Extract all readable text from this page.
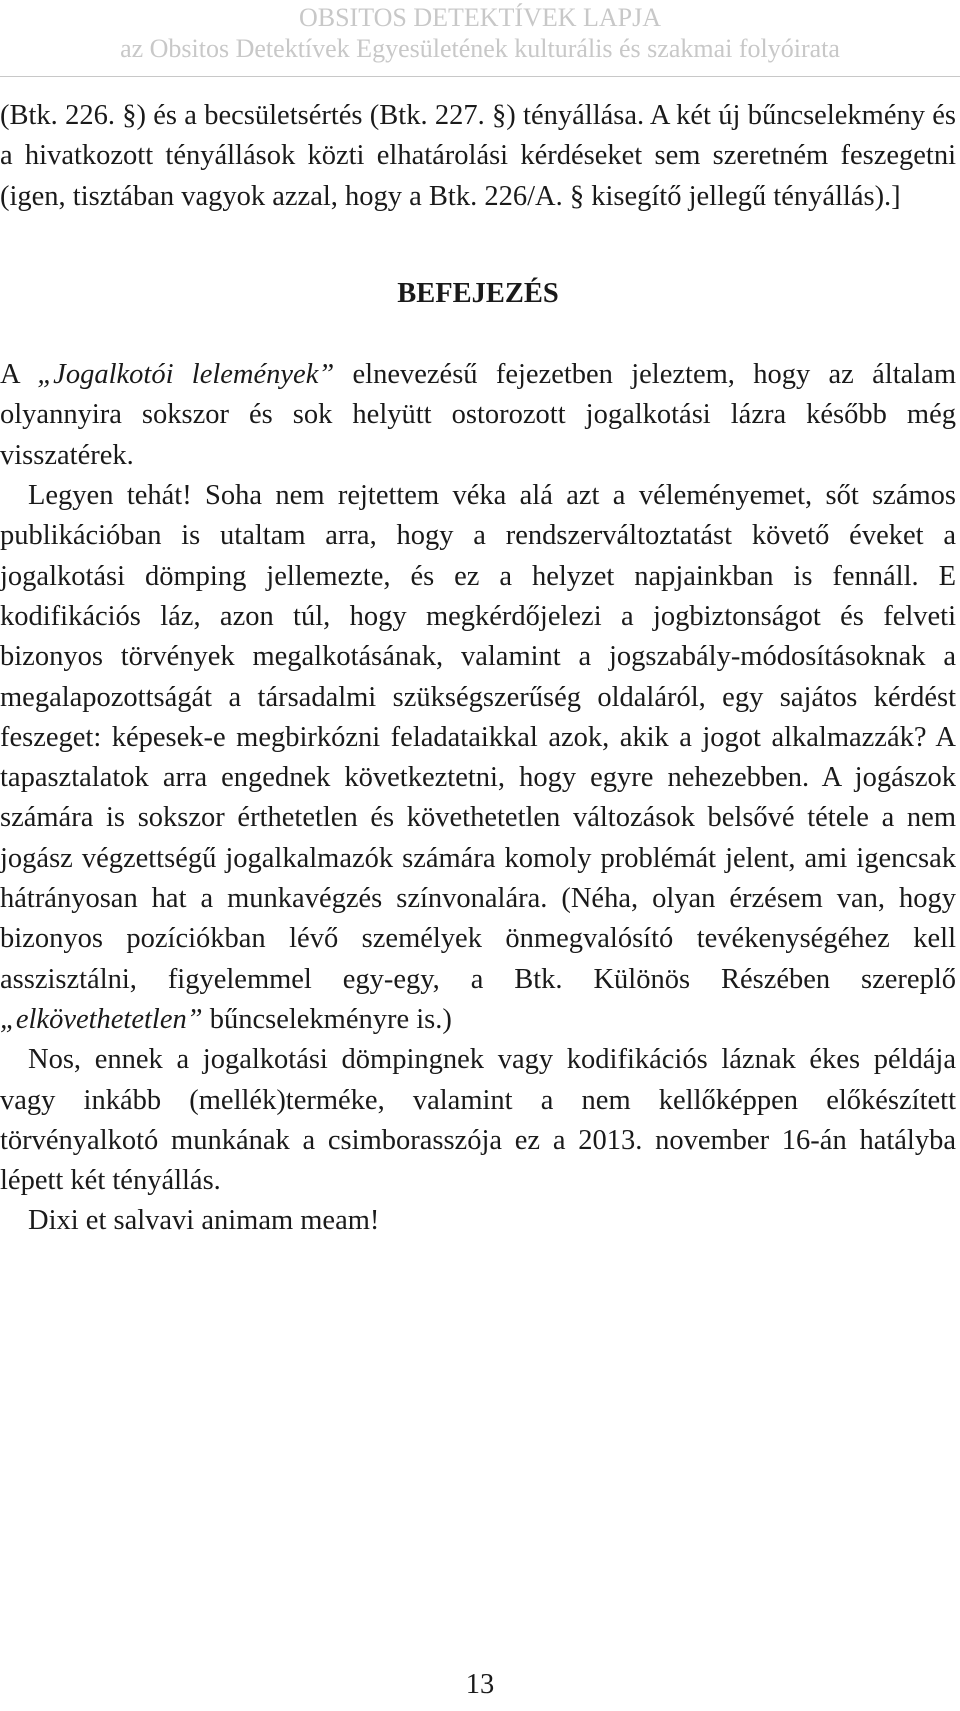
OBSITOS DETEKTÍVEK LAPJA
az Obsitos Detektívek Egyesületének kulturális és szakmai folyóirata

(Btk. 226. §) és a becsületsértés (Btk. 227. §) tényállása. A két új bűncselekmény és a hivatkozott tényállások közti elhatárolási kérdéseket sem szeretném feszegetni (igen, tisztában vagyok azzal, hogy a Btk. 226/A. § kisegítő jellegű tényállás).]

BEFEJEZÉS

A „Jogalkotói lelemények” elnevezésű fejezetben jeleztem, hogy az általam olyannyira sokszor és sok helyütt ostorozott jogalkotási lázra később még visszatérek.

Legyen tehát! Soha nem rejtettem véka alá azt a véleményemet, sőt számos publikációban is utaltam arra, hogy a rendszerváltoztatást követő éveket a jogalkotási dömping jellemezte, és ez a helyzet napjainkban is fennáll. E kodifikációs láz, azon túl, hogy megkérdőjelezi a jogbiztonságot és felveti bizonyos törvények megalkotásának, valamint a jogszabály-módosításoknak a megalapozottságát a társadalmi szükségszerűség oldaláról, egy sajátos kérdést feszeget: képesek-e megbirkózni feladataikkal azok, akik a jogot alkalmazzák? A tapasztalatok arra engednek következtetni, hogy egyre nehezebben. A jogászok számára is sokszor érthetetlen és követhetetlen változások belsővé tétele a nem jogász végzettségű jogalkalmazók számára komoly problémát jelent, ami igencsak hátrányosan hat a munkavégzés színvonalára. (Néha, olyan érzésem van, hogy bizonyos pozíciókban lévő személyek önmegvalósító tevékenységéhez kell asszisztálni, figyelemmel egy-egy, a Btk. Különös Részében szereplő „elkövethetetlen” bűncselekményre is.)

Nos, ennek a jogalkotási dömpingnek vagy kodifikációs láznak ékes példája vagy inkább (mellék)terméke, valamint a nem kellőképpen előkészített törvényalkotó munkának a csimborasszója ez a 2013. november 16-án hatályba lépett két tényállás.

Dixi et salvavi animam meam!

13
